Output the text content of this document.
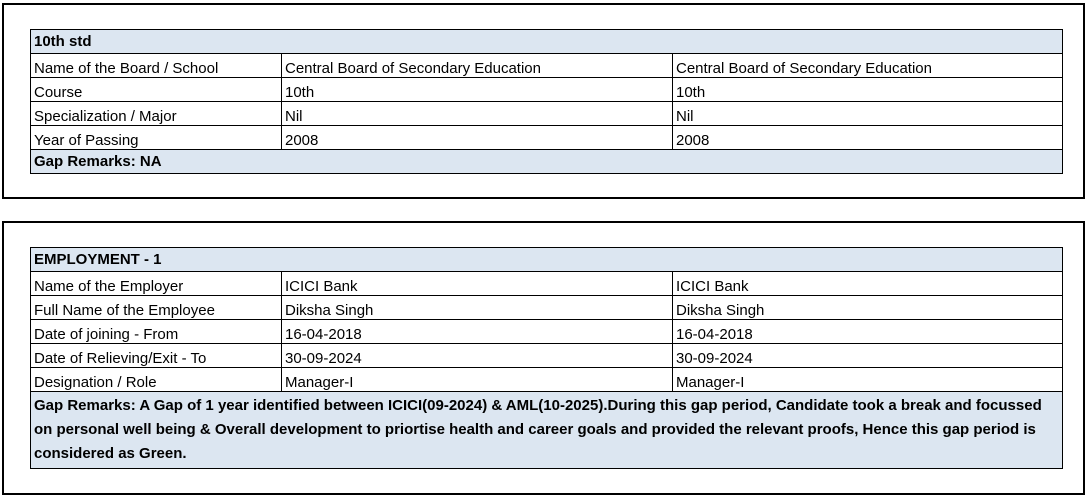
10th std		
Name of the Board / School	Central Board of Secondary Education	Central Board of Secondary Education
Course	10th	10th
Specialization / Major	Nil	Nil
Year of Passing	2008	2008
Gap Remarks: NA		
EMPLOYMENT - 1		
Name of the Employer	ICICI Bank	ICICI Bank
Full Name of the Employee	Diksha Singh	Diksha Singh
Date of joining - From	16-04-2018	16-04-2018
Date of Relieving/Exit - To	30-09-2024	30-09-2024
Designation / Role	Manager-I	Manager-I
Gap Remarks: A Gap of 1 year identified between ICICI(09-2024) & AML(10-2025).During this gap period, Candidate took a break and focussed on personal well being & Overall development to priortise health and career goals and provided the relevant proofs, Hence this gap period is considered as Green.		
